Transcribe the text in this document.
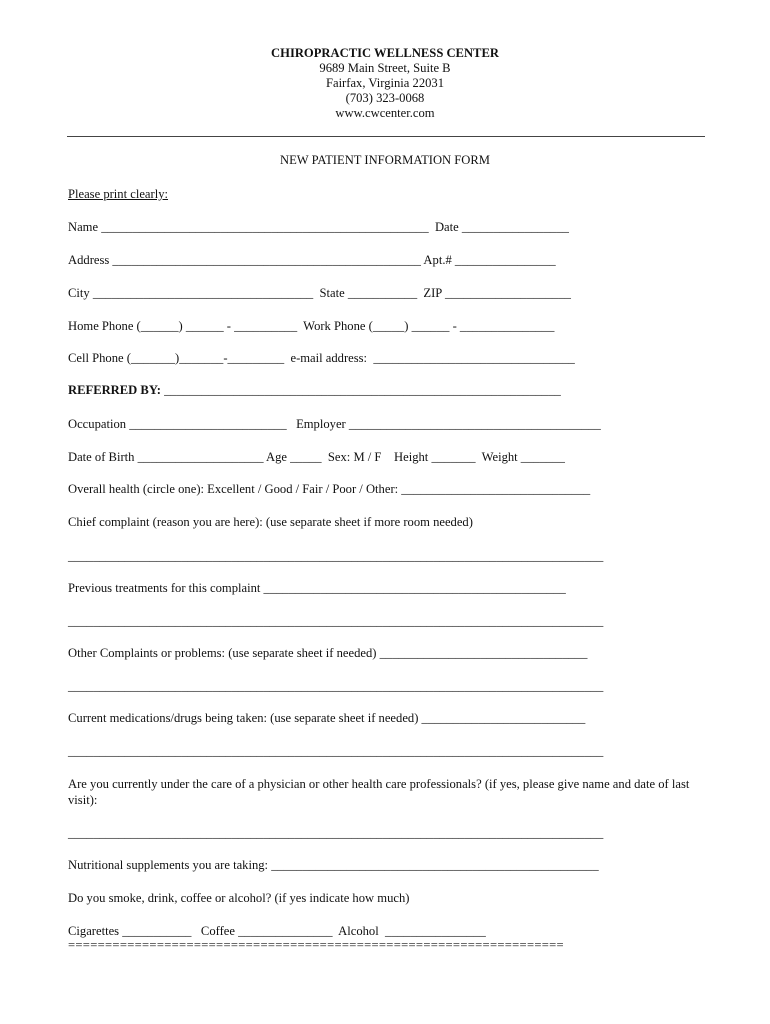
CHIROPRACTIC WELLNESS CENTER
9689 Main Street, Suite B
Fairfax, Virginia 22031
(703) 323-0068
www.cwcenter.com
NEW PATIENT INFORMATION FORM
Please print clearly:
Name ____________________________________________________  Date _________________
Address _________________________________________________ Apt.# ________________
City ___________________________________  State ___________  ZIP ____________________
Home Phone (______) ______ - __________  Work Phone (_____) ______ - _______________
Cell Phone (_______)_______-_________  e-mail address:  ________________________________
REFERRED BY: _______________________________________________________________
Occupation _________________________   Employer ________________________________________
Date of Birth ____________________ Age _____  Sex: M / F    Height _______  Weight _______
Overall health (circle one): Excellent / Good / Fair / Poor / Other: ______________________________
Chief complaint (reason you are here): (use separate sheet if more room needed)
_____________________________________________________________________________________
Previous treatments for this complaint ________________________________________________
_____________________________________________________________________________________
Other Complaints or problems: (use separate sheet if needed) _________________________________
_____________________________________________________________________________________
Current medications/drugs being taken: (use separate sheet if needed) __________________________
_____________________________________________________________________________________
Are you currently under the care of a physician or other health care professionals? (if yes, please give name and date of last visit):
_____________________________________________________________________________________
Nutritional supplements you are taking: ____________________________________________________
Do you smoke, drink, coffee or alcohol? (if yes indicate how much)
Cigarettes ___________   Coffee _______________  Alcohol  ________________
===================================================================
